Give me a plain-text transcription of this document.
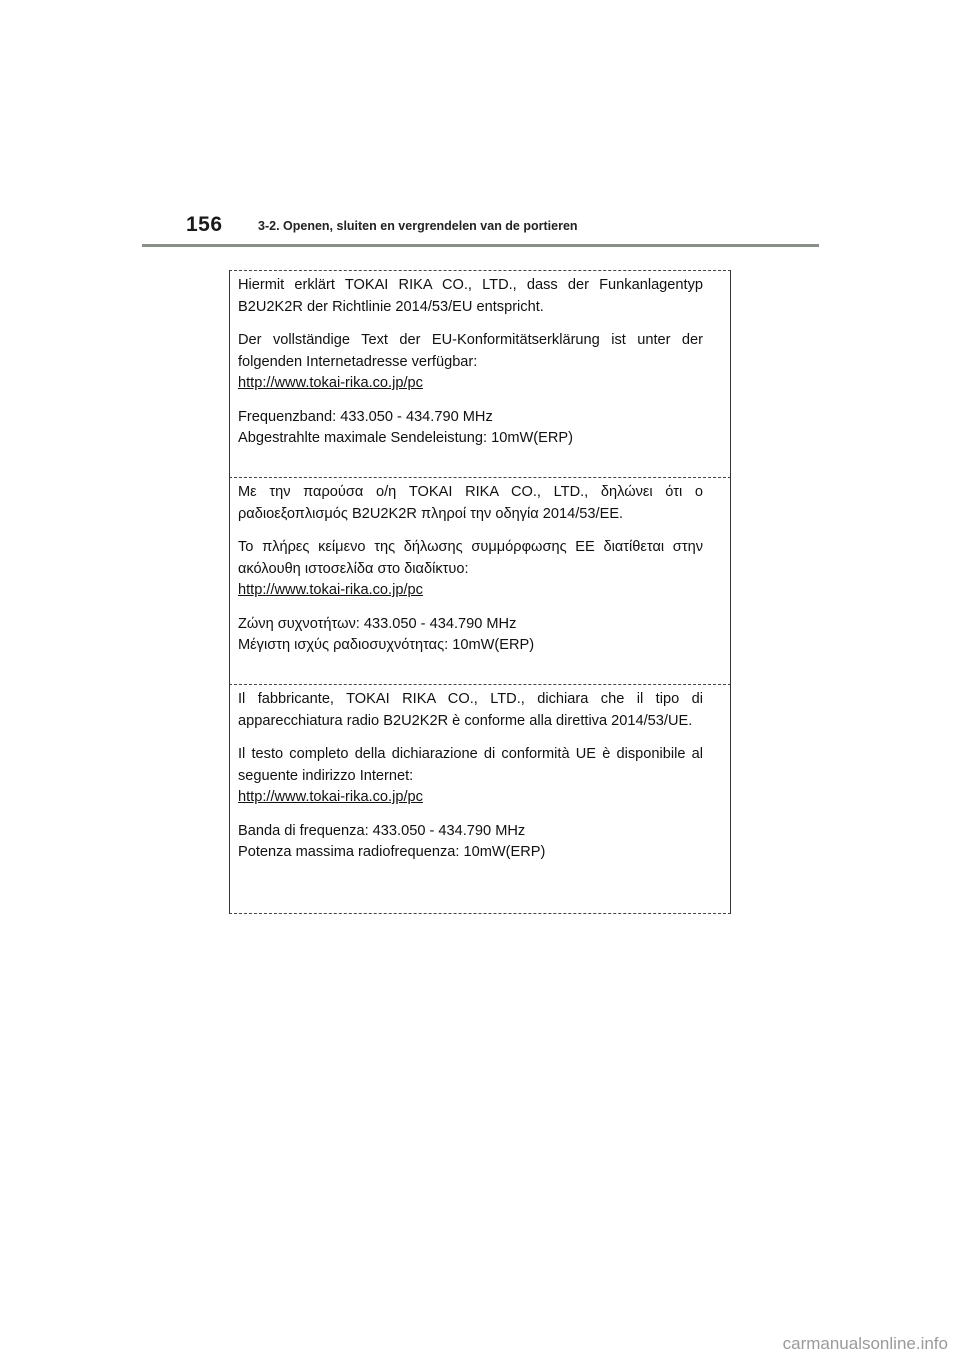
156	3-2. Openen, sluiten en vergrendelen van de portieren

Hiermit erklärt TOKAI RIKA CO., LTD., dass der Funkanlagentyp B2U2K2R der Richtlinie 2014/53/EU entspricht.

Der vollständige Text der EU-Konformitätserklärung ist unter der folgenden Internetadresse verfügbar:

http://www.tokai-rika.co.jp/pc
Frequenzband: 433.050 - 434.790 MHz
Abgestrahlte maximale Sendeleistung: 10mW(ERP)

Με την παρούσα ο/η TOKAI RIKA CO., LTD., δηλώνει ότι ο ραδιοεξοπλισμός B2U2K2R πληροί την οδηγία 2014/53/ΕΕ.

Το πλήρες κείμενο της δήλωσης συμμόρφωσης ΕΕ διατίθεται στην ακόλουθη ιστοσελίδα στο διαδίκτυο:

http://www.tokai-rika.co.jp/pc
Ζώνη συχνοτήτων: 433.050 - 434.790 MHz
Μέγιστη ισχύς ραδιοσυχνότητας: 10mW(ERP)

Il fabbricante, TOKAI RIKA CO., LTD., dichiara che il tipo di apparecchiatura radio B2U2K2R è conforme alla direttiva 2014/53/UE.

Il testo completo della dichiarazione di conformità UE è disponibile al seguente indirizzo Internet:

http://www.tokai-rika.co.jp/pc
Banda di frequenza: 433.050 - 434.790 MHz
Potenza massima radiofrequenza: 10mW(ERP)
carmanualsonline.info
